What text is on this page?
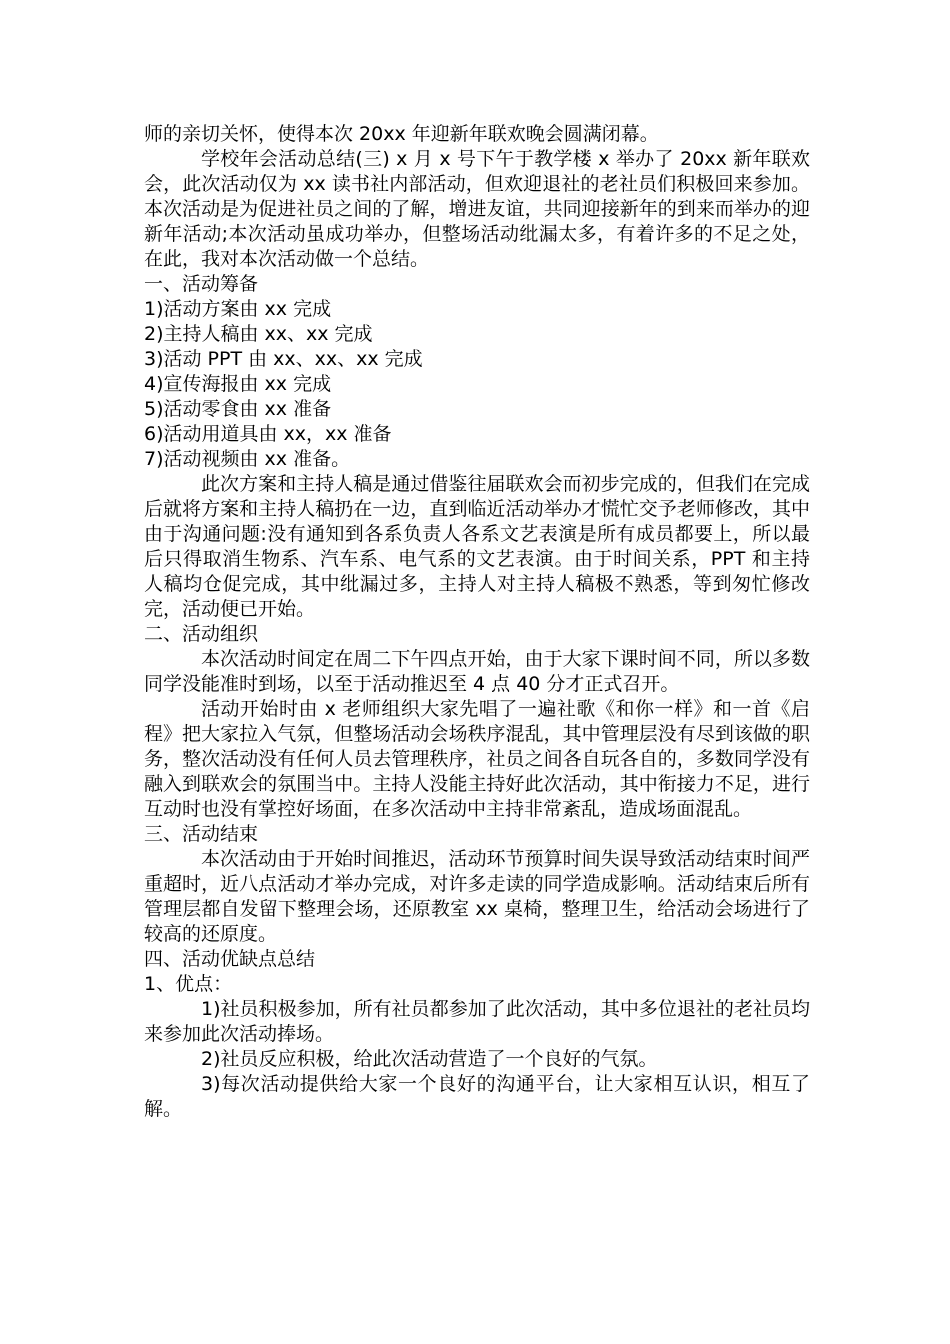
师的亲切关怀，使得本次 20xx 年迎新年联欢晚会圆满闭幕。

学校年会活动总结(三) x 月 x 号下午于教学楼 x 举办了 20xx 新年联欢会，此次活动仅为 xx 读书社内部活动，但欢迎退社的老社员们积极回来参加。本次活动是为促进社员之间的了解，增进友谊，共同迎接新年的到来而举办的迎新年活动;本次活动虽成功举办，但整场活动纰漏太多，有着许多的不足之处，在此，我对本次活动做一个总结。

一、活动筹备

1)活动方案由 xx 完成

2)主持人稿由 xx、xx 完成

3)活动 PPT 由 xx、xx、xx 完成

4)宣传海报由 xx 完成

5)活动零食由 xx 准备

6)活动用道具由 xx，xx 准备

7)活动视频由 xx 准备。

此次方案和主持人稿是通过借鉴往届联欢会而初步完成的，但我们在完成后就将方案和主持人稿扔在一边，直到临近活动举办才慌忙交予老师修改，其中由于沟通问题:没有通知到各系负责人各系文艺表演是所有成员都要上，所以最后只得取消生物系、汽车系、电气系的文艺表演。由于时间关系，PPT 和主持人稿均仓促完成，其中纰漏过多，主持人对主持人稿极不熟悉，等到匆忙修改完，活动便已开始。

二、活动组织

本次活动时间定在周二下午四点开始，由于大家下课时间不同，所以多数同学没能准时到场，以至于活动推迟至 4 点 40 分才正式召开。

活动开始时由 x 老师组织大家先唱了一遍社歌《和你一样》和一首《启程》把大家拉入气氛，但整场活动会场秩序混乱，其中管理层没有尽到该做的职务，整次活动没有任何人员去管理秩序，社员之间各自玩各自的，多数同学没有融入到联欢会的氛围当中。主持人没能主持好此次活动，其中衔接力不足，进行互动时也没有掌控好场面，在多次活动中主持非常紊乱，造成场面混乱。

三、活动结束

本次活动由于开始时间推迟，活动环节预算时间失误导致活动结束时间严重超时，近八点活动才举办完成，对许多走读的同学造成影响。活动结束后所有管理层都自发留下整理会场，还原教室 xx 桌椅，整理卫生，给活动会场进行了较高的还原度。

四、活动优缺点总结

1、优点：

1)社员积极参加，所有社员都参加了此次活动，其中多位退社的老社员均来参加此次活动捧场。

2)社员反应积极，给此次活动营造了一个良好的气氛。

3)每次活动提供给大家一个良好的沟通平台，让大家相互认识，相互了解。
